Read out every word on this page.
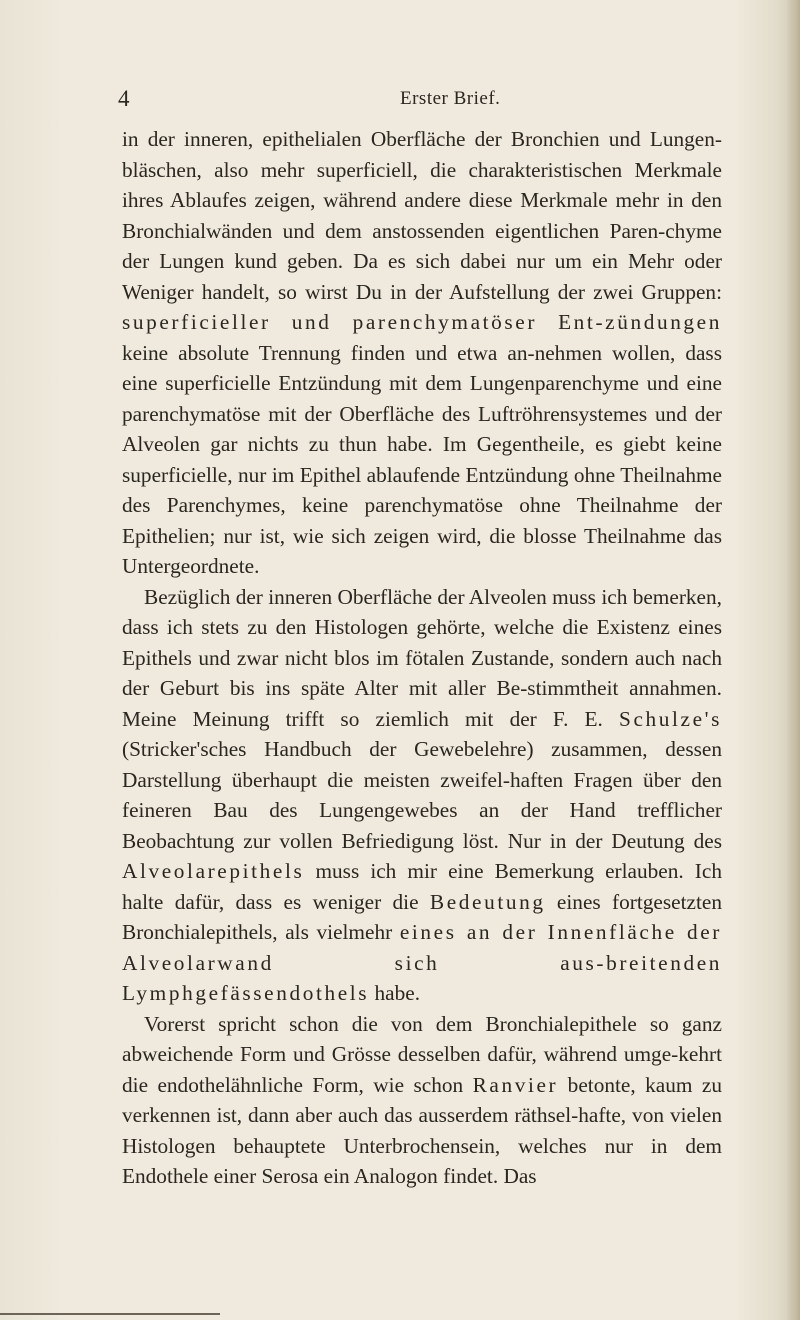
4	Erster Brief.

in der inneren, epithelialen Oberfläche der Bronchien und Lungen-bläschen, also mehr superficiell, die charakteristischen Merkmale ihres Ablaufes zeigen, während andere diese Merkmale mehr in den Bronchialwänden und dem anstossenden eigentlichen Paren-chyme der Lungen kund geben. Da es sich dabei nur um ein Mehr oder Weniger handelt, so wirst Du in der Aufstellung der zwei Gruppen: superficieller und parenchymatöser Ent-zündungen keine absolute Trennung finden und etwa an-nehmen wollen, dass eine superficielle Entzündung mit dem Lungenparenchyme und eine parenchymatöse mit der Oberfläche des Luftröhrensystemes und der Alveolen gar nichts zu thun habe. Im Gegentheile, es giebt keine superficielle, nur im Epithel ablaufende Entzündung ohne Theilnahme des Parenchymes, keine parenchymatöse ohne Theilnahme der Epithelien; nur ist, wie sich zeigen wird, die blosse Theilnahme das Untergeordnete.

Bezüglich der inneren Oberfläche der Alveolen muss ich bemerken, dass ich stets zu den Histologen gehörte, welche die Existenz eines Epithels und zwar nicht blos im fötalen Zustande, sondern auch nach der Geburt bis ins späte Alter mit aller Be-stimmtheit annahmen. Meine Meinung trifft so ziemlich mit der F. E. Schulze's (Stricker'sches Handbuch der Gewebelehre) zusammen, dessen Darstellung überhaupt die meisten zweifel-haften Fragen über den feineren Bau des Lungengewebes an der Hand trefflicher Beobachtung zur vollen Befriedigung löst. Nur in der Deutung des Alveolarepithels muss ich mir eine Bemerkung erlauben. Ich halte dafür, dass es weniger die Bedeutung eines fortgesetzten Bronchialepithels, als vielmehr eines an der Innenfläche der Alveolarwand sich aus-breitenden Lymphgefässendothels habe.

Vorerst spricht schon die von dem Bronchialepithele so ganz abweichende Form und Grösse desselben dafür, während umge-kehrt die endothelähnliche Form, wie schon Ranvier betonte, kaum zu verkennen ist, dann aber auch das ausserdem räthsel-hafte, von vielen Histologen behauptete Unterbrochensein, welches nur in dem Endothele einer Serosa ein Analogon findet. Das
